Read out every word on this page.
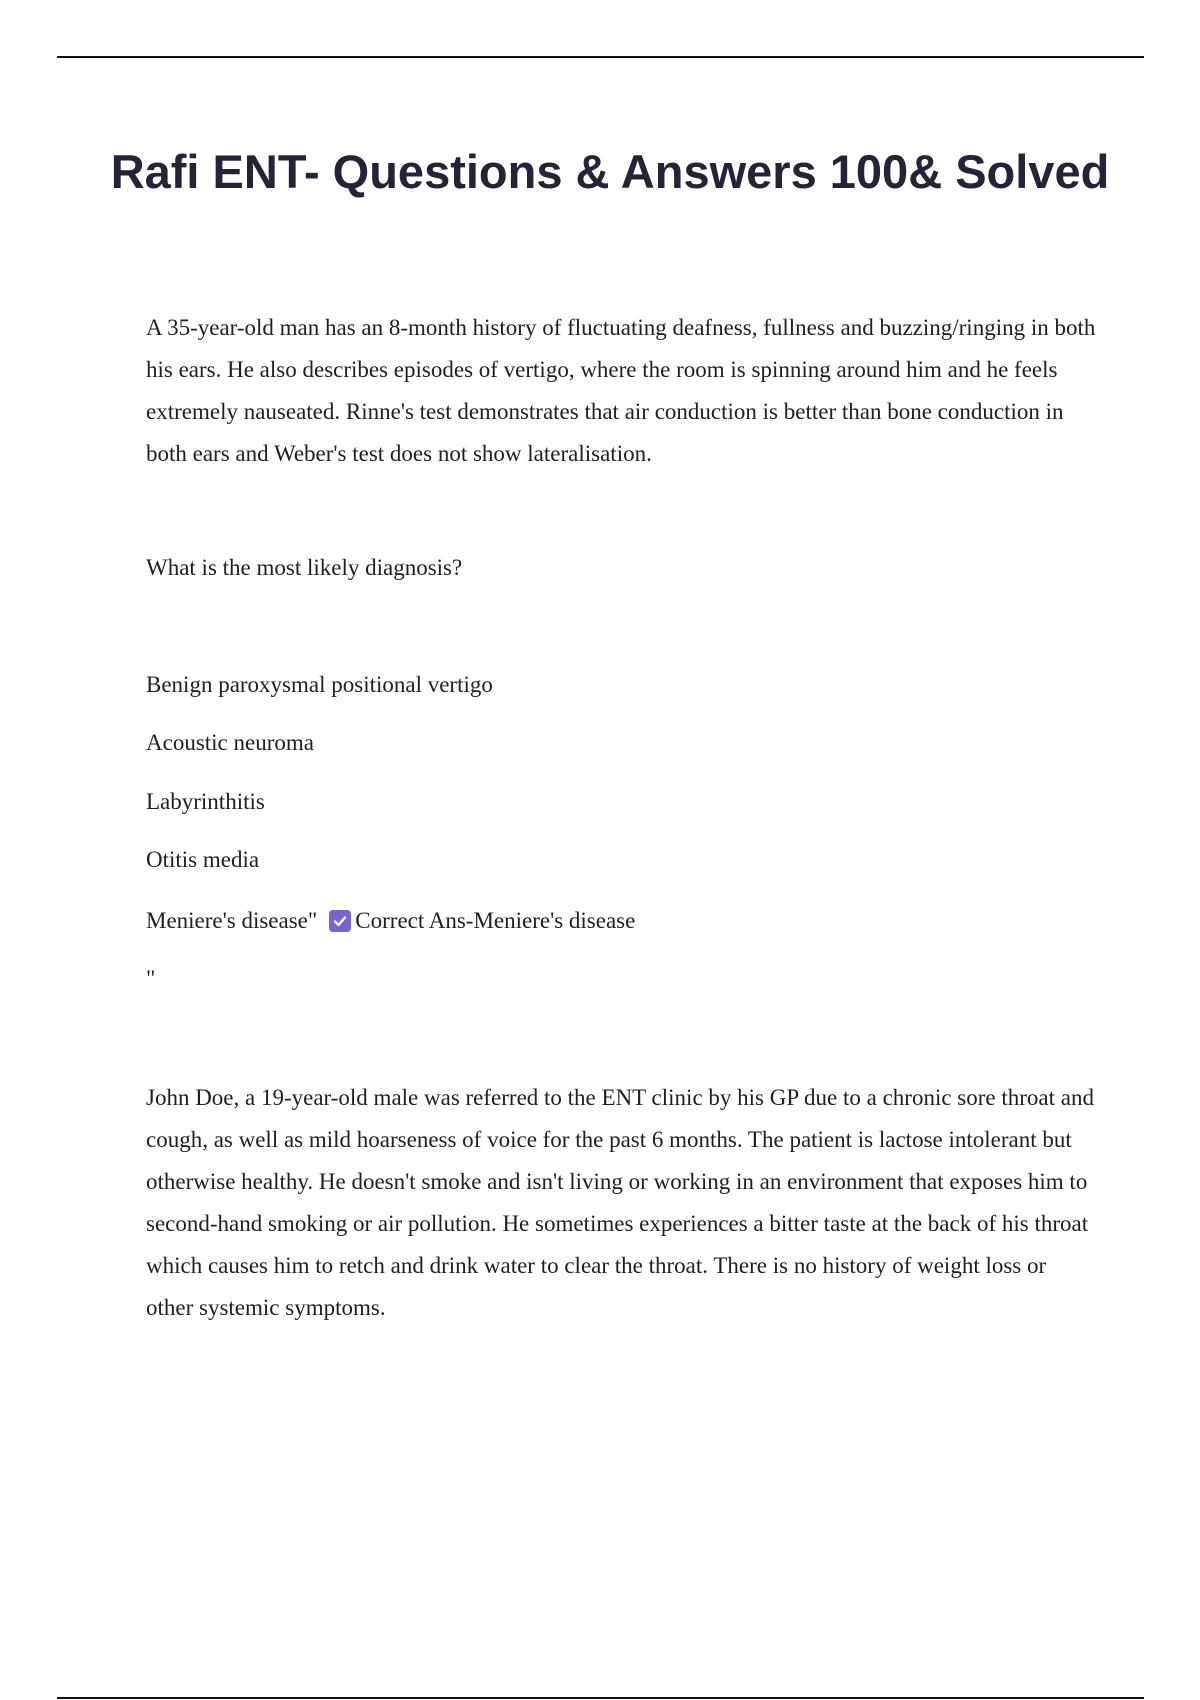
Rafi ENT- Questions & Answers 100& Solved

A 35-year-old man has an 8-month history of fluctuating deafness, fullness and buzzing/ringing in both his ears. He also describes episodes of vertigo, where the room is spinning around him and he feels extremely nauseated. Rinne's test demonstrates that air conduction is better than bone conduction in both ears and Weber's test does not show lateralisation.

What is the most likely diagnosis?

Benign paroxysmal positional vertigo

Acoustic neuroma

Labyrinthitis

Otitis media

Meniere's disease" Correct Ans-Meniere's disease

"

John Doe, a 19-year-old male was referred to the ENT clinic by his GP due to a chronic sore throat and cough, as well as mild hoarseness of voice for the past 6 months. The patient is lactose intolerant but otherwise healthy. He doesn't smoke and isn't living or working in an environment that exposes him to second-hand smoking or air pollution. He sometimes experiences a bitter taste at the back of his throat which causes him to retch and drink water to clear the throat. There is no history of weight loss or other systemic symptoms.
